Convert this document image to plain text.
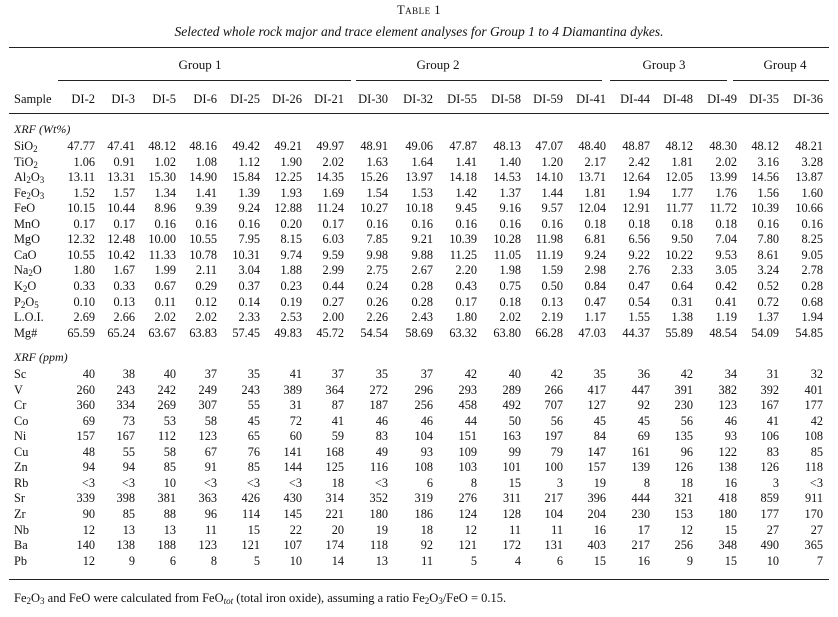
Table 1
Selected whole rock major and trace element analyses for Group 1 to 4 Diamantina dykes.
Group 1	Group 2	Group 3	Group 4
Sample	DI-2	DI-3	DI-5	DI-6	DI-25 DI-26 DI-21	DI-30	DI-32	DI-55	DI-58 DI-59	DI-41	DI-44	DI-48	DI-49 DI-35	DI-36
XRF (Wt%)
SiO$_2$	47.77	47.41	48.12	48.16	49.42	49.21	49.97	48.91	49.06	47.87	48.13	47.07	48.40	48.87	48.12	48.30	48.12	48.21
TiO$_2$	1.06	0.91	1.02	1.08	1.12	1.90	2.02	1.63	1.64	1.41	1.40	1.20	2.17	2.42	1.81	2.02	3.16	3.28
$Al_2O_3$	13.11	13.31	15.30	14.90	15.84	12.25	14.35	15.26	13.97	14.18	14.53	14.10	13.71	12.64	12.05	13.99	14.56	13.87
$Fe_2O_3$	1.52	1.57	1.34	1.41	1.39	1.93	1.69	1.54	1.53	1.42	1.37	1.44	1.81	1.94	1.77	1.76	1.56	1.60
FeO	10.15	10.44	8.96	9.39	9.24	12.88	11.24	10.27	10.18	9.45	9.16	9.57	12.04	12.91	11.77	11.72	10.39	10.66
MnO	0.17	0.17	0.16	0.16	0.16	0.20	0.17	0.16	0.16	0.16	0.16	0.16	0.18	0.18	0.18	0.18	0.16	0.16
MgO	12.32	12.48	10.00	10.55	7.95	8.15	6.03	7.85	9.21	10.39	10.28	11.98	6.81	6.56	9.50	7.04	7.80	8.25
CaO	10.55	10.42	11.33	10.78	10.31	9.74	9.59	9.98	9.88	11.25	11.05	11.19	9.24	9.22	10.22	9.53	8.61	9.05
$Na_2O$	1.80	1.67	1.99	2.11	3.04	1.88	2.99	2.75	2.67	2.20	1.98	1.59	2.98	2.76	2.33	3.05	3.24	2.78
$K_2O$	0.33	0.33	0.67	0.29	0.37	0.23	0.44	0.24	0.28	0.43	0.75	0.50	0.84	0.47	0.64	0.42	0.52	0.28
$P_2O_5$	0.10	0.13	0.11	0.12	0.14	0.19	0.27	0.26	0.28	0.17	0.18	0.13	0.47	0.54	0.31	0.41	0.72	0.68
L.O.I.	2.69	2.66	2.02	2.02	2.33	2.53	2.00	2.26	2.43	1.80	2.02	2.19	1.17	1.55	1.38	1.19	1.37	1.94
Mg#	65.59	65.24	63.67	63.83	57.45	49.83	45.72	54.54	58.69	63.32	63.80	66.28	47.03	44.37	55.89	48.54	54.09	54.85
XRF (ppm)
Sc	40	38	40	37	35	41	37	35	37	42	40	42	35	36	42	34	31	32
V	260	243	242	249	243	389	364	272	296	293	289	266	417	447	391	382	392	401
Cr	360	334	269	307	55	31	87	187	256	458	492	707	127	92	230	123	167	177
Co	69	73	53	58	45	72	41	46	46	44	50	56	45	45	56	46	41	42
Ni	157	167	112	123	65	60	59	83	104	151	163	197	84	69	135	93	106	108
Cu	48	55	58	67	76	141	168	49	93	109	99	79	147	161	96	122	83	85
Zn	94	94	85	91	85	144	125	116	108	103	101	100	157	139	126	138	126	118
Rb	<3	<3	10	<3	<3	<3	18	<3	6	8	15	3	19	8	18	16	3	<3
Sr	339	398	381	363	426	430	314	352	319	276	311	217	396	444	321	418	859	911
Zr	90	85	88	96	114	145	221	180	186	124	128	104	204	230	153	180	177	170
Nb	12	13	13	11	15	22	20	19	18	12	11	11	16	17	12	15	27	27
Ba	140	138	188	123	121	107	174	118	92	121	172	131	403	217	256	348	490	365
Pb	12	9	6	8	5	10	14	13	11	5	4	6	15	16	9	15	10	7
$Fe_2O_3$ and FeO were calculated from FeO$_{tot}$ (total iron oxide), assuming a ratio $Fe_2O_3$/FeO = 0.15.
